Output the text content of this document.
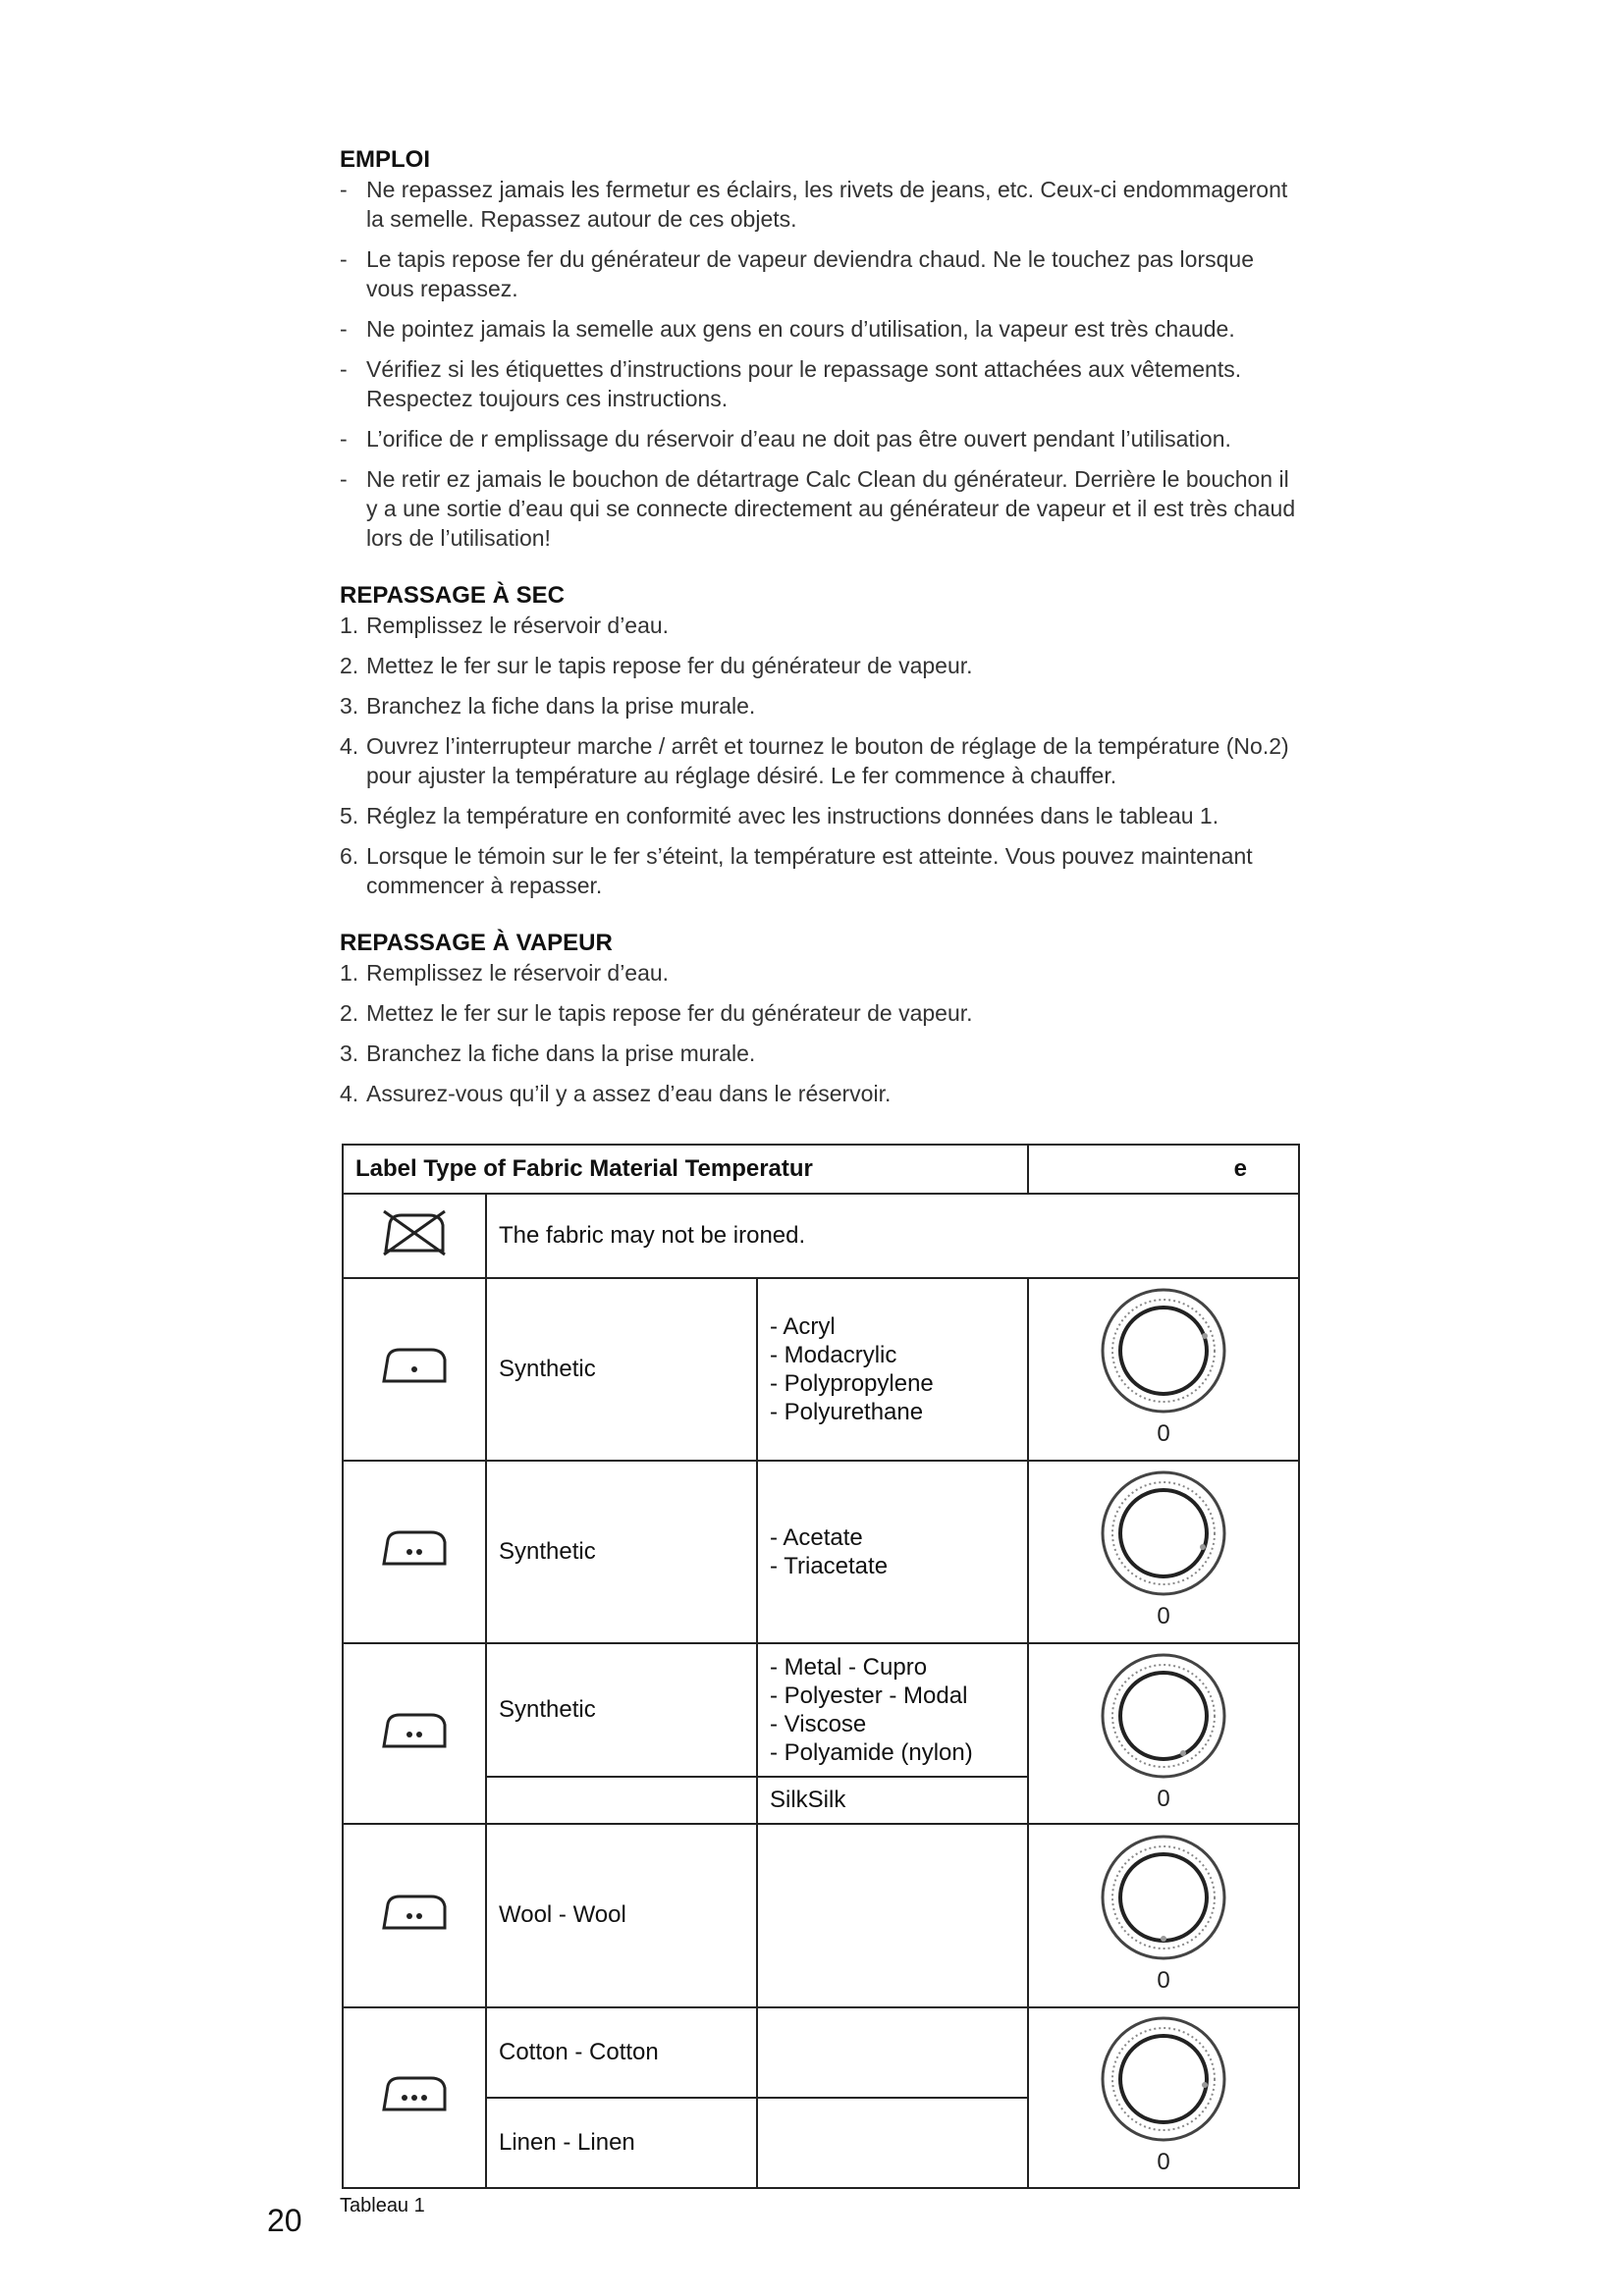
EMPLOI
- Ne repassez jamais les fermetur es éclairs, les rivets de jeans, etc. Ceux-ci endommageront la semelle. Repassez autour de ces objets.
- Le tapis repose fer du générateur de vapeur deviendra chaud. Ne le touchez pas lorsque vous repassez.
- Ne pointez jamais la semelle aux gens en cours d’utilisation, la vapeur est très chaude.
- Vérifiez si les étiquettes d’instructions pour le repassage sont attachées aux vêtements. Respectez toujours ces instructions.
- L’orifice de r emplissage du réservoir d’eau ne doit pas être ouvert pendant l’utilisation.
- Ne retir ez jamais le bouchon de détartrage Calc Clean du générateur. Derrière le bouchon il y a une sortie d’eau qui se connecte directement au générateur de vapeur et il est très chaud lors de l’utilisation!
REPASSAGE À SEC
1. Remplissez le réservoir d’eau.
2. Mettez le fer sur le tapis repose fer du générateur de vapeur.
3. Branchez la fiche dans la prise murale.
4. Ouvrez l’interrupteur marche / arrêt et tournez le bouton de réglage de la température (No.2) pour ajuster la température au réglage désiré. Le fer commence à chauffer.
5. Réglez la température en conformité avec les instructions données dans le tableau 1.
6. Lorsque le témoin sur le fer s’éteint, la température est atteinte. Vous pouvez maintenant commencer à repasser.
REPASSAGE À VAPEUR
1. Remplissez le réservoir d’eau.
2. Mettez le fer sur le tapis repose fer du générateur de vapeur.
3. Branchez la fiche dans la prise murale.
4. Assurez-vous qu’il y a assez d’eau dans le réservoir.
Label Type of Fabric Material Temperatur			e
	The fabric may not be ironed.		
	Synthetic	- Acryl
- Modacrylic
- Polypropylene
- Polyurethane	0

	Synthetic	- Acetate
- Triacetate	0

	Synthetic	- Metal - Cupro
- Polyester - Modal
- Viscose
- Polyamide (nylon)	0

		SilkSilk	
	Wool - Wool		0

	Cotton - Cotton		0

	Linen - Linen		
Tableau 1
20
